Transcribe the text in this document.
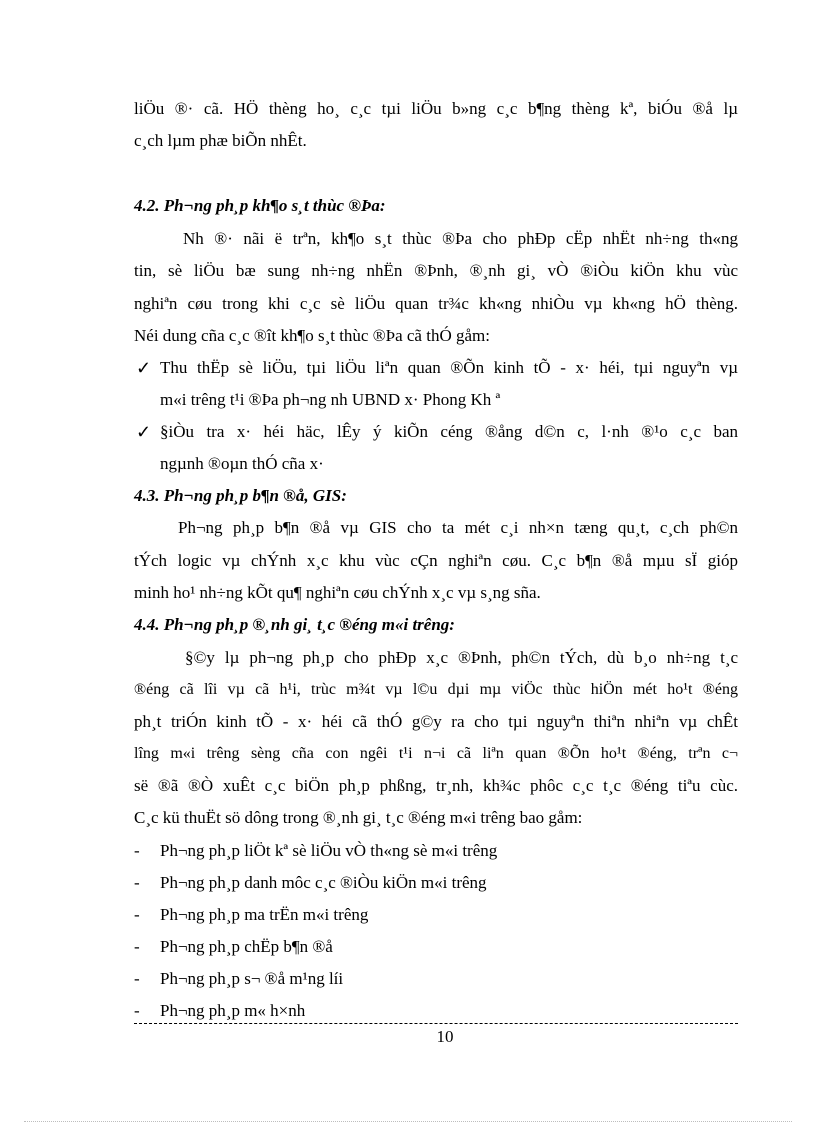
liÖu ®· cã. HÖ thèng ho¸ c¸c tµi liÖu b»ng c¸c b¶ng thèng kª, biÓu ®å lµ
c¸ch lµm phæ biÕn nhÊt.
4.2. Ph¬ng ph¸p kh¶o s¸t thùc ®Þa:
Nh ®· nãi ë trªn, kh¶o s¸t thùc ®Þa cho phÐp cËp nhËt nh÷ng th«ng
tin, sè liÖu bæ sung nh÷ng nhËn ®Þnh, ®¸nh gi¸ vÒ ®iÒu kiÖn khu vùc
nghiªn cøu trong khi c¸c sè liÖu quan tr¾c kh«ng nhiÒu vµ kh«ng hÖ thèng.
Néi dung cña c¸c ®ît kh¶o s¸t thùc ®Þa cã thÓ gåm:
✓ Thu thËp sè liÖu, tµi liÖu liªn quan ®Õn kinh tÕ - x· héi, tµi nguyªn vµ
m«i trêng t¹i ®Þa ph¬ng nh UBND x· Phong Kh ª
✓ §iÒu tra x· héi häc, lÊy ý kiÕn céng ®ång d©n c, l·nh ®¹o c¸c ban
ngµnh ®oµn thÓ cña x·
4.3. Ph¬ng ph¸p b¶n ®å, GIS:
Ph¬ng ph¸p b¶n ®å vµ GIS cho ta mét c¸i nh×n tæng qu¸t, c¸ch ph©n
tÝch logic vµ chÝnh x¸c khu vùc cÇn nghiªn cøu. C¸c b¶n ®å mµu sÏ gióp
minh ho¹ nh÷ng kÕt qu¶ nghiªn cøu chÝnh x¸c vµ s¸ng sña.
4.4. Ph¬ng ph¸p ®¸nh gi¸ t¸c ®éng m«i trêng:
§©y lµ ph¬ng ph¸p cho phÐp x¸c ®Þnh, ph©n tÝch, dù b¸o nh÷ng t¸c
®éng cã lîi vµ cã h¹i, trùc m¾t vµ l©u dµi mµ viÖc thùc hiÖn mét ho¹t ®éng
ph¸t triÓn kinh tÕ - x· héi cã thÓ g©y ra cho tµi nguyªn thiªn nhiªn vµ chÊt
lîng m«i trêng sèng cña con ngêi t¹i n¬i cã liªn quan ®Õn ho¹t ®éng, trªn c¬
së ®ã ®Ò xuÊt c¸c biÖn ph¸p phßng, tr¸nh, kh¾c phôc c¸c t¸c ®éng tiªu cùc.
C¸c kü thuËt sö dông trong ®¸nh gi¸ t¸c ®éng m«i trêng bao gåm:
- Ph¬ng ph¸p liÖt kª sè liÖu vÒ th«ng sè m«i trêng
- Ph¬ng ph¸p danh môc c¸c ®iÒu kiÖn m«i trêng
- Ph¬ng ph¸p ma trËn m«i trêng
- Ph¬ng ph¸p chËp b¶n ®å
- Ph¬ng ph¸p s¬ ®å m¹ng líi
- Ph¬ng ph¸p m« h×nh
10
